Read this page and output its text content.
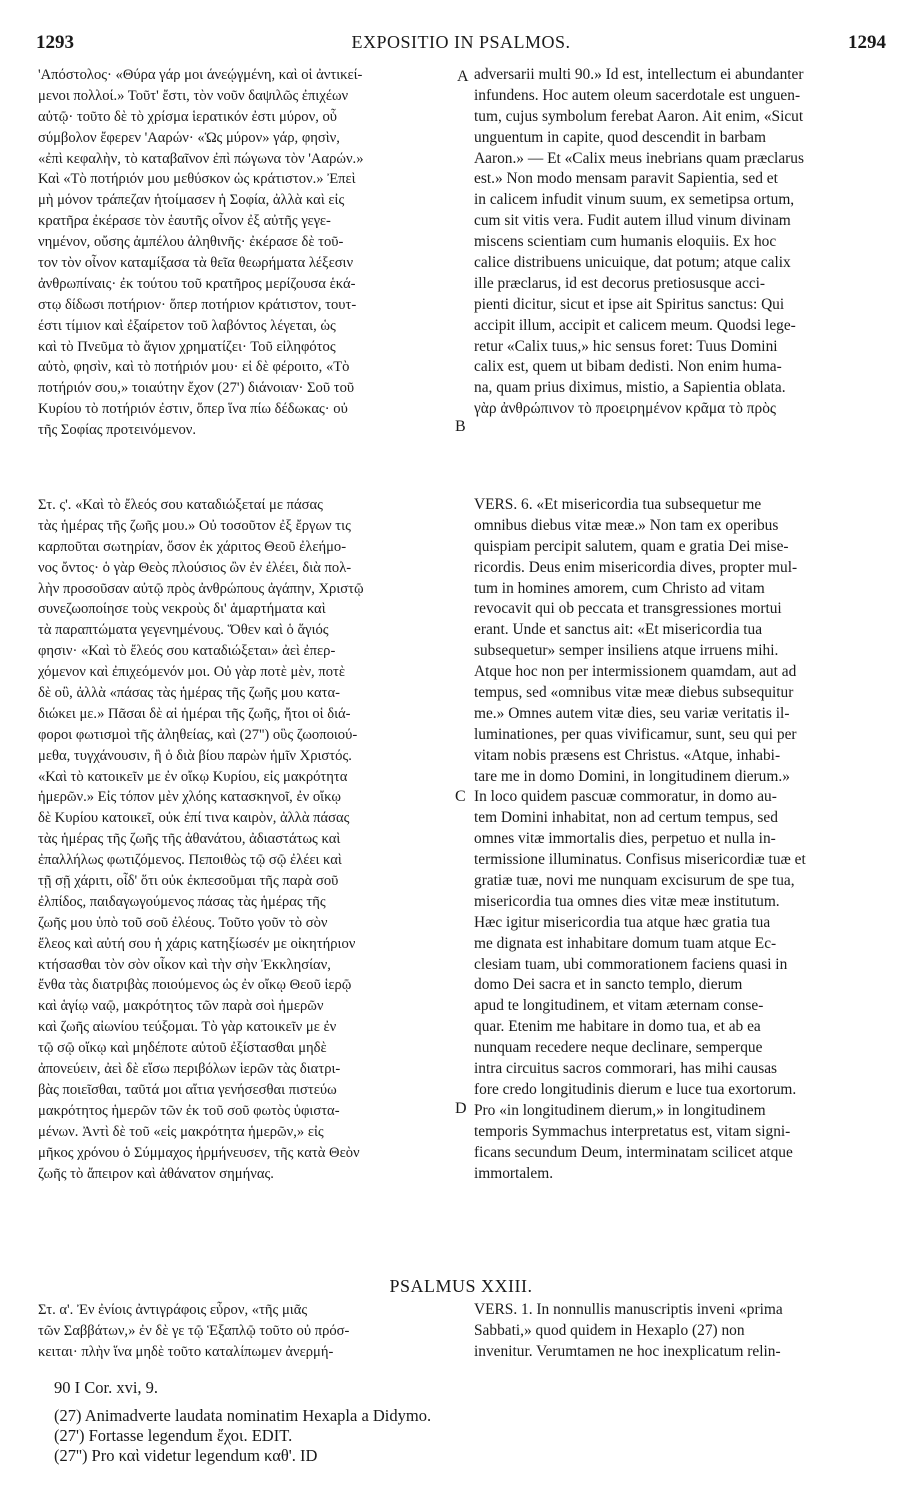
1293	EXPOSITIO IN PSALMOS.	1294
'Απόστολος· «Θύρα γάρ μοι άνεῴγμένη, καὶ οἱ ἀντικεί-
μενοι πολλοί.» Τοῦτ' ἔστι, τὸν νοῦν δαψιλῶς ἐπιχέων
αὐτῷ· τοῦτο δὲ τὸ χρίσμα ἱερατικόν ἐστι μύρον, οὗ
σύμβολον ἔφερεν 'Ααρών· «Ὡς μύρον» γάρ, φησὶν,
«ἐπὶ κεφαλὴν, τὸ καταβαῖνον ἐπὶ πώγωνα τὸν 'Ααρών.»
Καὶ «Τὸ ποτήριόν μου μεθύσκον ὡς κράτιστον.» Ἐπεὶ
μὴ μόνον τράπεζαν ἡτοίμασεν ἡ Σοφία, ἀλλὰ καὶ εἰς
κρατῆρα ἐκέρασε τὸν ἑαυτῆς οἶνον ἐξ αὐτῆς γεγε-
νημένον, οὔσης ἀμπέλου ἀληθινῆς· ἐκέρασε δὲ τοῦ-
τον τὸν οἶνον καταμίξασα τὰ θεῖα θεωρήματα λέξεσιν
ἀνθρωπίναις· ἐκ τούτου τοῦ κρατῆρος μερίζουσα ἑκά-
στῳ δίδωσι ποτήριον· ὅπερ ποτήριον κράτιστον, τουτ-
έστι τίμιον καὶ ἐξαίρετον τοῦ λαβόντος λέγεται, ὡς
καὶ τὸ Πνεῦμα τὸ ἅγιον χρηματίζει· Τοῦ εἰληφότος
αὐτὸ, φησὶν, καὶ τὸ ποτήριόν μου· εἰ δὲ φέροιτο, «Τὸ
ποτήριόν σου,» τοιαύτην ἔχον (27') διάνοιαν· Σοῦ τοῦ
Κυρίου τὸ ποτήριόν ἐστιν, ὅπερ ἵνα πίω δέδωκας· οὐ
τῆς Σοφίας προτεινόμενον.
adversarii multi 90.» Id est, intellectum ei abundanter
infundens. Hoc autem oleum sacerdotale est unguen-
tum, cujus symbolum ferebat Aaron. Ait enim, «Sicut
unguentum in capite, quod descendit in barbam
Aaron.» — Et «Calix meus inebrians quam præclarus
est.» Non modo mensam paravit Sapientia, sed et
in calicem infudit vinum suum, ex semetipsa ortum,
cum sit vitis vera. Fudit autem illud vinum divinam
miscens scientiam cum humanis eloquiis. Ex hoc
calice distribuens unicuique, dat potum; atque calix
ille præclarus, id est decorus pretiosusque acci-
pienti dicitur, sicut et ipse ait Spiritus sanctus: Qui
accipit illum, accipit et calicem meum. Quodsi lege-
retur «Calix tuus,» hic sensus foret: Tuus Domini
calix est, quem ut bibam dedisti. Non enim huma-
na, quam prius diximus, mistio, a Sapientia oblata.
γὰρ ἀνθρώπινον τὸ προειρημένον κρᾶμα τὸ πρὸς
Στ. ς'. «Καὶ τὸ ἔλεός σου καταδιώξεταί με πάσας
τὰς ἡμέρας τῆς ζωῆς μου.» Οὐ τοσοῦτον ἐξ ἔργων τις
καρποῦται σωτηρίαν, ὅσον ἐκ χάριτος Θεοῦ ἐλεήμο-
νος ὄντος· ὁ γὰρ Θεὸς πλούσιος ὢν ἐν ἐλέει, διὰ πολ-
λὴν προσοῦσαν αὐτῷ πρὸς ἀνθρώπους ἀγάπην, Χριστῷ
συνεζωοποίησε τοὺς νεκροὺς δι' ἁμαρτήματα καὶ
τὰ παραπτώματα γεγενημένους. Ὅθεν καὶ ὁ ἅγιός
φησιν· «Καὶ τὸ ἔλεός σου καταδιώξεται» ἀεὶ ἐπερ-
χόμενον καὶ ἐπιχεόμενόν μοι. Οὐ γὰρ ποτὲ μὲν, ποτὲ
δὲ οὒ, ἀλλὰ «πάσας τὰς ἡμέρας τῆς ζωῆς μου κατα-
διώκει με.» Πᾶσαι δὲ αἱ ἡμέραι τῆς ζωῆς, ἤτοι οἱ διά-
φοροι φωτισμοὶ τῆς ἀληθείας, καὶ (27'') οὓς ζωοποιού-
μεθα, τυγχάνουσιν, ἢ ὁ διὰ βίου παρὼν ἡμῖν Χριστός.
«Καὶ τὸ κατοικεῖν με ἐν οἴκῳ Κυρίου, εἰς μακρότητα
ἡμερῶν.» Εἰς τόπον μὲν χλόης κατασκηνοῖ, ἐν οἴκῳ
δὲ Κυρίου κατοικεῖ, οὐκ ἐπί τινα καιρὸν, ἀλλὰ πάσας
τὰς ἡμέρας τῆς ζωῆς τῆς ἀθανάτου, ἀδιαστάτως καὶ
ἐπαλλήλως φωτιζόμενος. Πεποιθὼς τῷ σῷ ἐλέει καὶ
τῇ σῇ χάριτι, οἶδ' ὅτι οὐκ ἐκπεσοῦμαι τῆς παρὰ σοῦ
ἐλπίδος, παιδαγωγούμενος πάσας τὰς ἡμέρας τῆς
ζωῆς μου ὑπὸ τοῦ σοῦ ἐλέους. Τοῦτο γοῦν τὸ σὸν
ἔλεος καὶ αὐτή σου ἡ χάρις κατηξίωσέν με οἰκητήριον
κτήσασθαι τὸν σὸν οἶκον καὶ τὴν σὴν Ἐκκλησίαν,
ἔνθα τὰς διατριβὰς ποιούμενος ὡς ἐν οἴκῳ Θεοῦ ἱερῷ
καὶ ἁγίῳ ναῷ, μακρότητος τῶν παρὰ σοὶ ἡμερῶν
καὶ ζωῆς αἰωνίου τεύξομαι. Τὸ γὰρ κατοικεῖν με ἐν
τῷ σῷ οἴκῳ καὶ μηδέποτε αὐτοῦ ἐξίστασθαι μηδὲ
ἀπονεύειν, ἀεὶ δὲ εἴσω περιβόλων ἱερῶν τὰς διατρι-
βὰς ποιεῖσθαι, ταῦτά μοι αἴτια γενήσεσθαι πιστεύω
μακρότητος ἡμερῶν τῶν ἐκ τοῦ σοῦ φωτὸς ὑφιστα-
μένων. Ἀντὶ δὲ τοῦ «εἰς μακρότητα ἡμερῶν,» εἰς
μῆκος χρόνου ὁ Σύμμαχος ἡρμήνευσεν, τῆς κατὰ Θεὸν
ζωῆς τὸ ἄπειρον καὶ ἀθάνατον σημήνας.
VERS. 6. «Et misericordia tua subsequetur me
omnibus diebus vitæ meæ.» Non tam ex operibus
quispiam percipit salutem, quam e gratia Dei mise-
ricordis. Deus enim misericordia dives, propter mul-
tum in homines amorem, cum Christo ad vitam
revocavit qui ob peccata et transgressiones mortui
erant. Unde et sanctus ait: «Et misericordia tua
subsequetur» semper insiliens atque irruens mihi.
Atque hoc non per intermissionem quamdam, aut ad
tempus, sed «omnibus vitæ meæ diebus subsequitur
me.» Omnes autem vitæ dies, seu variæ veritatis il-
luminationes, per quas vivificamur, sunt, seu qui per
vitam nobis præsens est Christus. «Atque, inhabi-
tare me in domo Domini, in longitudinem dierum.»
In loco quidem pascuæ commoratur, in domo au-
tem Domini inhabitat, non ad certum tempus, sed
omnes vitæ immortalis dies, perpetuo et nulla in-
termissione illuminatus. Confisus misericordiæ tuæ et
gratiæ tuæ, novi me nunquam excisurum de spe tua,
misericordia tua omnes dies vitæ meæ institutum.
Hæc igitur misericordia tua atque hæc gratia tua
me dignata est inhabitare domum tuam atque Ec-
clesiam tuam, ubi commorationem faciens quasi in
domo Dei sacra et in sancto templo, dierum
apud te longitudinem, et vitam æternam conse-
quar. Etenim me habitare in domo tua, et ab ea
nunquam recedere neque declinare, semperque
intra circuitus sacros commorari, has mihi causas
fore credo longitudinis dierum e luce tua exortorum.
Pro «in longitudinem dierum,» in longitudinem
temporis Symmachus interpretatus est, vitam signi-
ficans secundum Deum, interminatam scilicet atque
immortalem.
PSALMUS XXIII.
Στ. α'. Ἐν ἐνίοις ἀντιγράφοις εὗρον, «τῆς μιᾶς
τῶν Σαββάτων,» ἐν δὲ γε τῷ Ἑξαπλῷ τοῦτο οὐ πρόσ-
κειται· πλὴν ἵνα μηδὲ τοῦτο καταλίπωμεν ἀνερμή-
VERS. 1. In nonnullis manuscriptis inveni «prima
Sabbati,» quod quidem in Hexaplo (27) non
invenitur. Verumtamen ne hoc inexplicatum relin-
A
B
C
D
90 I Cor. xvi, 9.
(27) Animadverte laudata nominatim Hexapla a Didymo.
(27') Fortasse legendum ἔχοι. EDIT.
(27'') Pro καὶ videtur legendum καθ'. ID
